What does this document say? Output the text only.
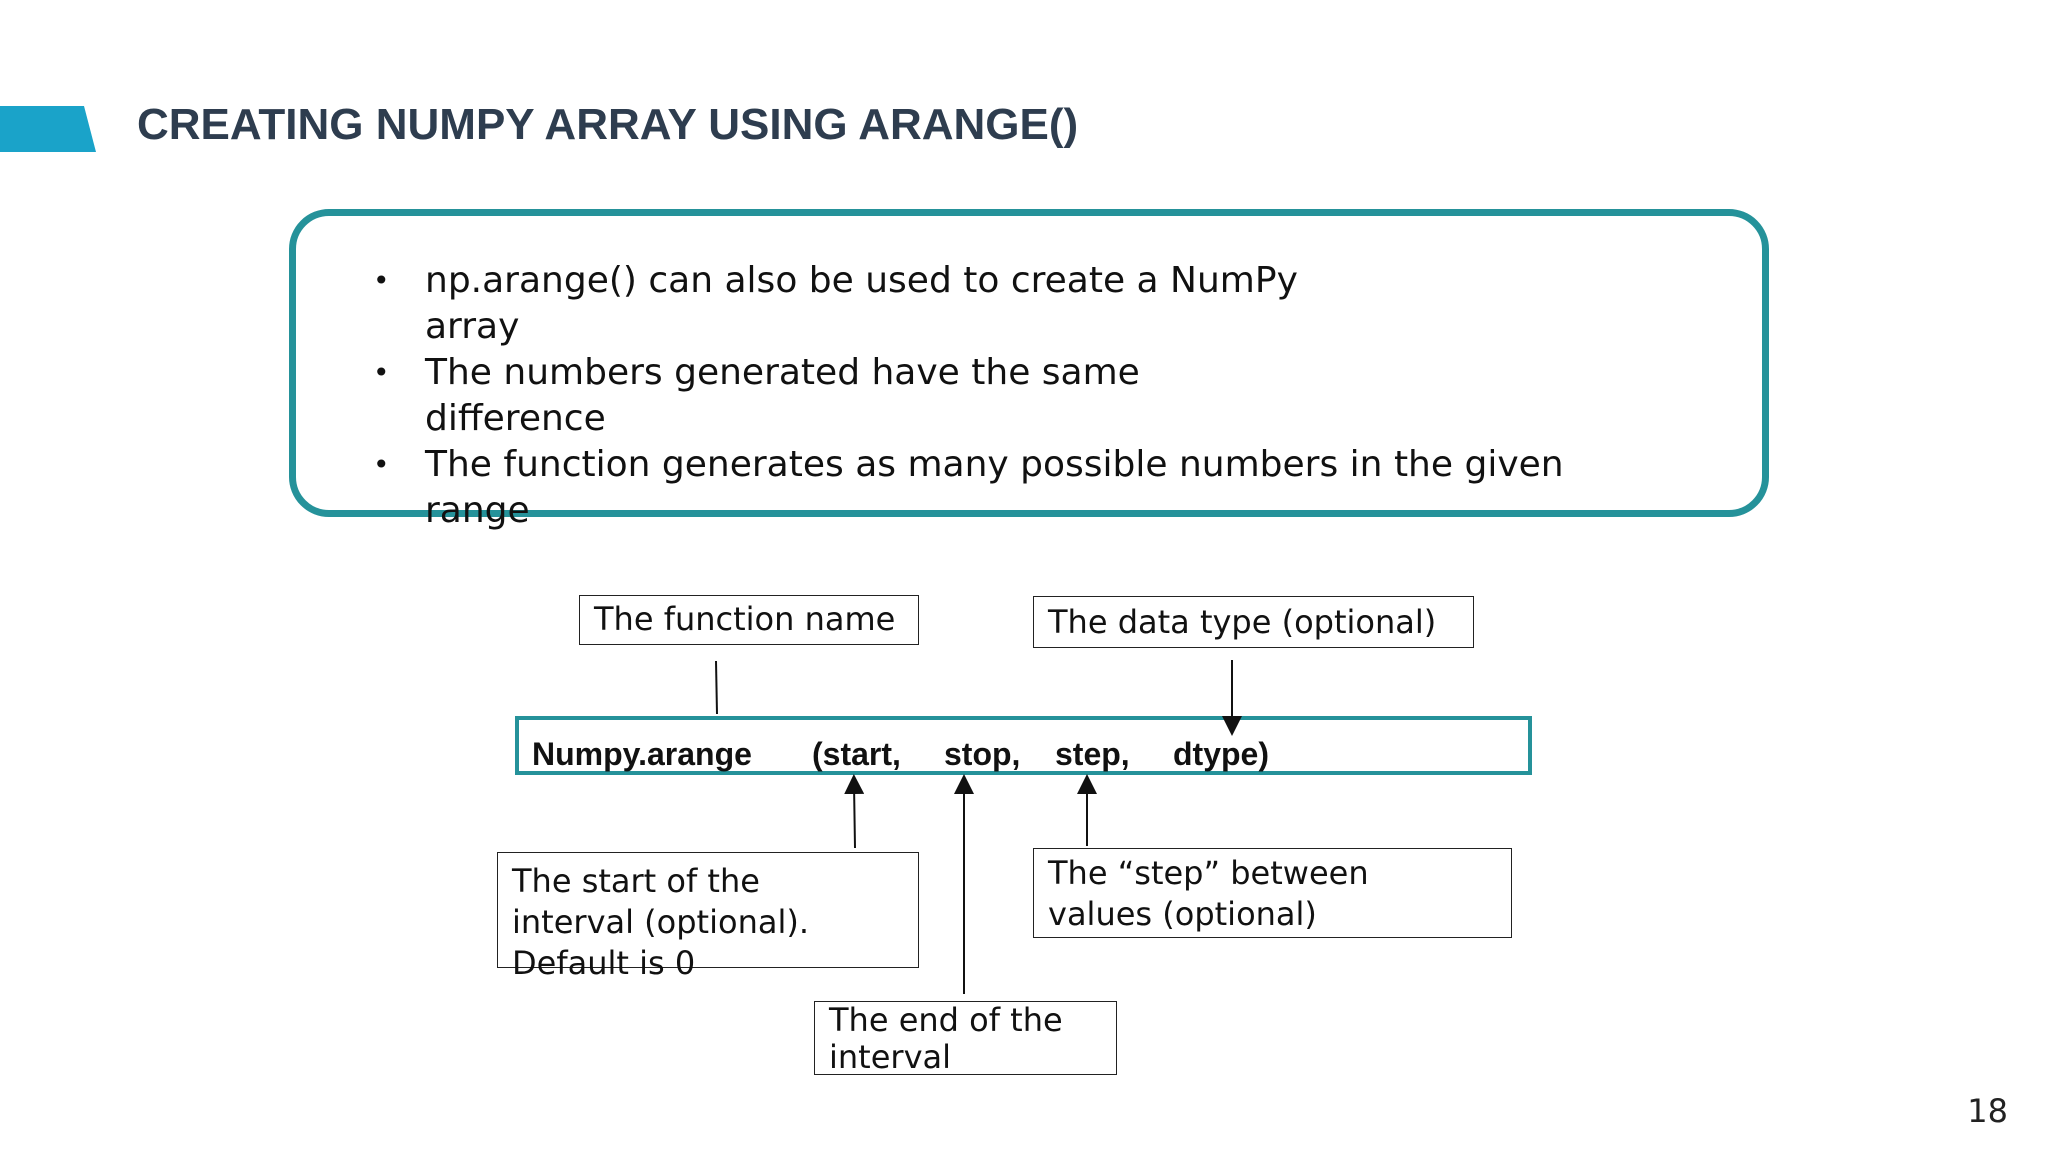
CREATING NUMPY ARRAY USING ARANGE()
• np.arange() can also be used to create a NumPy array
• The numbers generated have the same difference
• The function generates as many possible numbers in the given range
The function name	The data type (optional)
Numpy.arange (start, stop, step, dtype)
The start of the
interval (optional).
Default is 0
The “step” between
values (optional)
The end of the
interval
18
